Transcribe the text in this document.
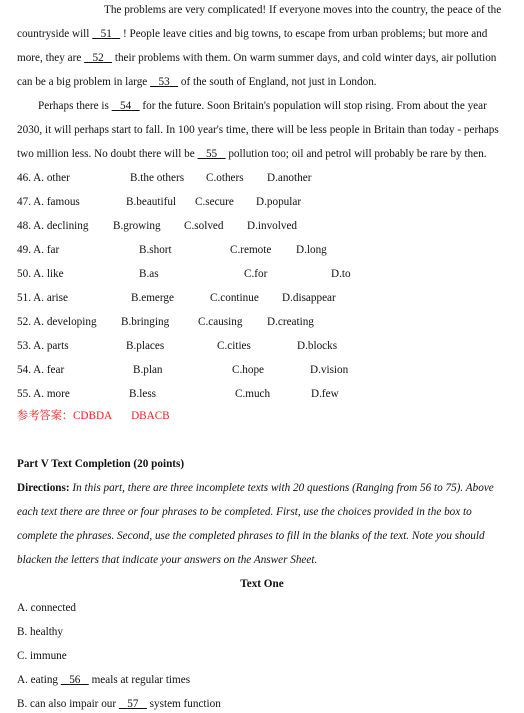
The problems are very complicated! If everyone moves into the country, the peace of the
countryside will 51 ! People leave cities and big towns, to escape from urban problems; but more and
more, they are 52 their problems with them. On warm summer days, and cold winter days, air pollution
can be a big problem in large 53 of the south of England, not just in London.
Perhaps there is 54 for the future. Soon Britain's population will stop rising. From about the year
2030, it will perhaps start to fall. In 100 year's time, there will be less people in Britain than today - perhaps
two million less. No doubt there will be 55 pollution too; oil and petrol will probably be rare by then.
46. A. other	B.the others C.others D.another
47. A. famous	B.beautiful C.secure D.popular
48. A. declining B.growing C.solved D.involved
49. A. far	B.short	C.remote D.long
50. A. like	B.as	C.for	D.to
51. A. arise	B.emerge	C.continue D.disappear
52. A. developing B.bringing	C.causing D.creating
53. A. parts	B.places	C.cities	D.blocks
54. A. fear	B.plan	C.hope	D.vision
55. A. more	B.less	C.much	D.few
参考答案：CDBDA DBACB
Part V Text Completion (20 points)
Directions: In this part, there are three incomplete texts with 20 questions (Ranging from 56 to 75). Above
each text there are three or four phrases to be completed. First, use the choices provided in the box to
complete the phrases. Second, use the completed phrases to fill in the blanks of the text. Note you should
blacken the letters that indicate your answers on the Answer Sheet.
Text One
A. connected
B. healthy
C. immune
A. eating 56 meals at regular times
B. can also impair our 57 system function
